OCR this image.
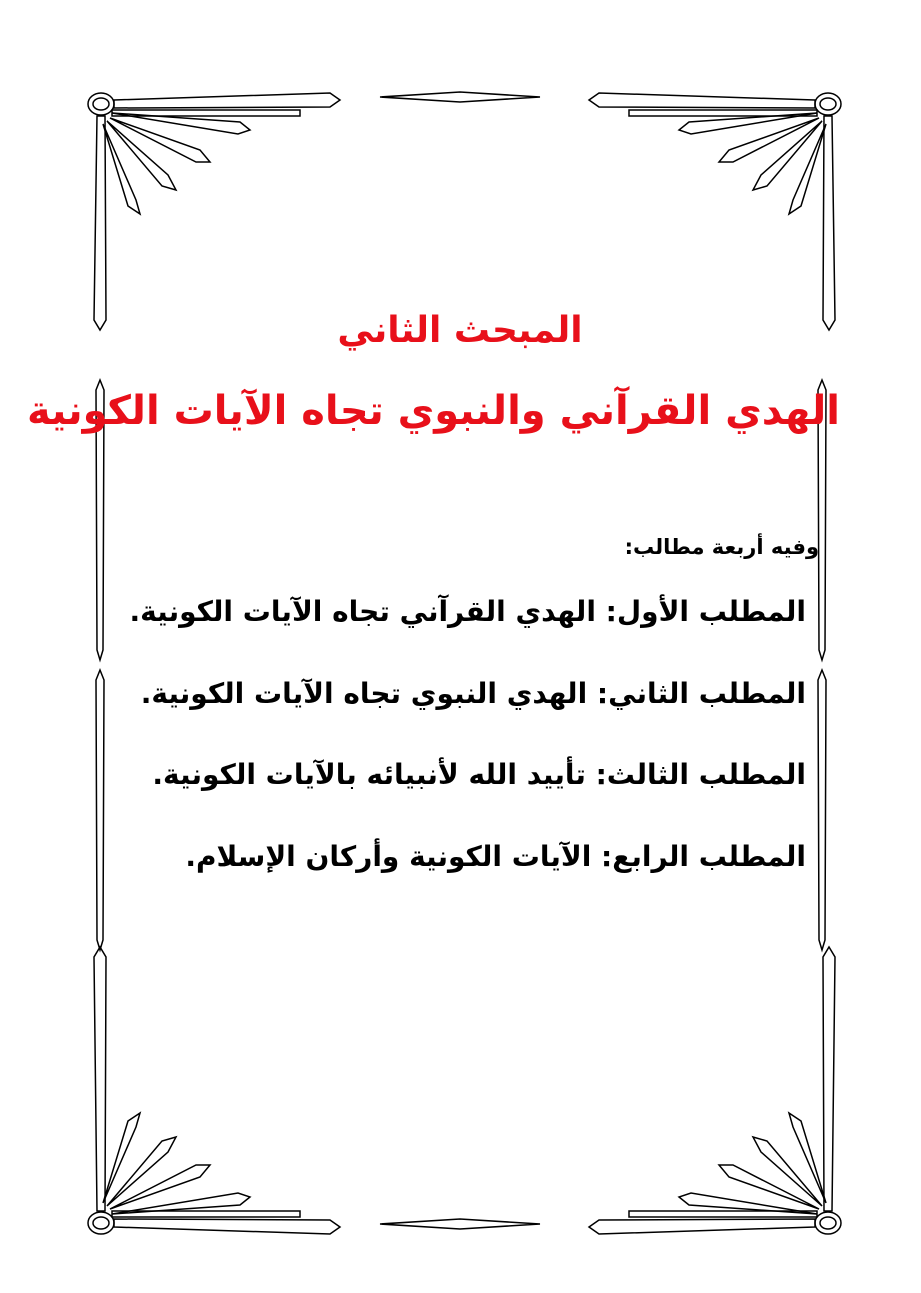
المبحث الثاني
الهدي القرآني والنبوي تجاه الآيات الكونية
وفيه أربعة مطالب:
المطلب الأول: الهدي القرآني تجاه الآيات الكونية.
المطلب الثاني: الهدي النبوي تجاه الآيات الكونية.
المطلب الثالث: تأييد الله لأنبيائه بالآيات الكونية.
المطلب الرابع: الآيات الكونية وأركان الإسلام.
